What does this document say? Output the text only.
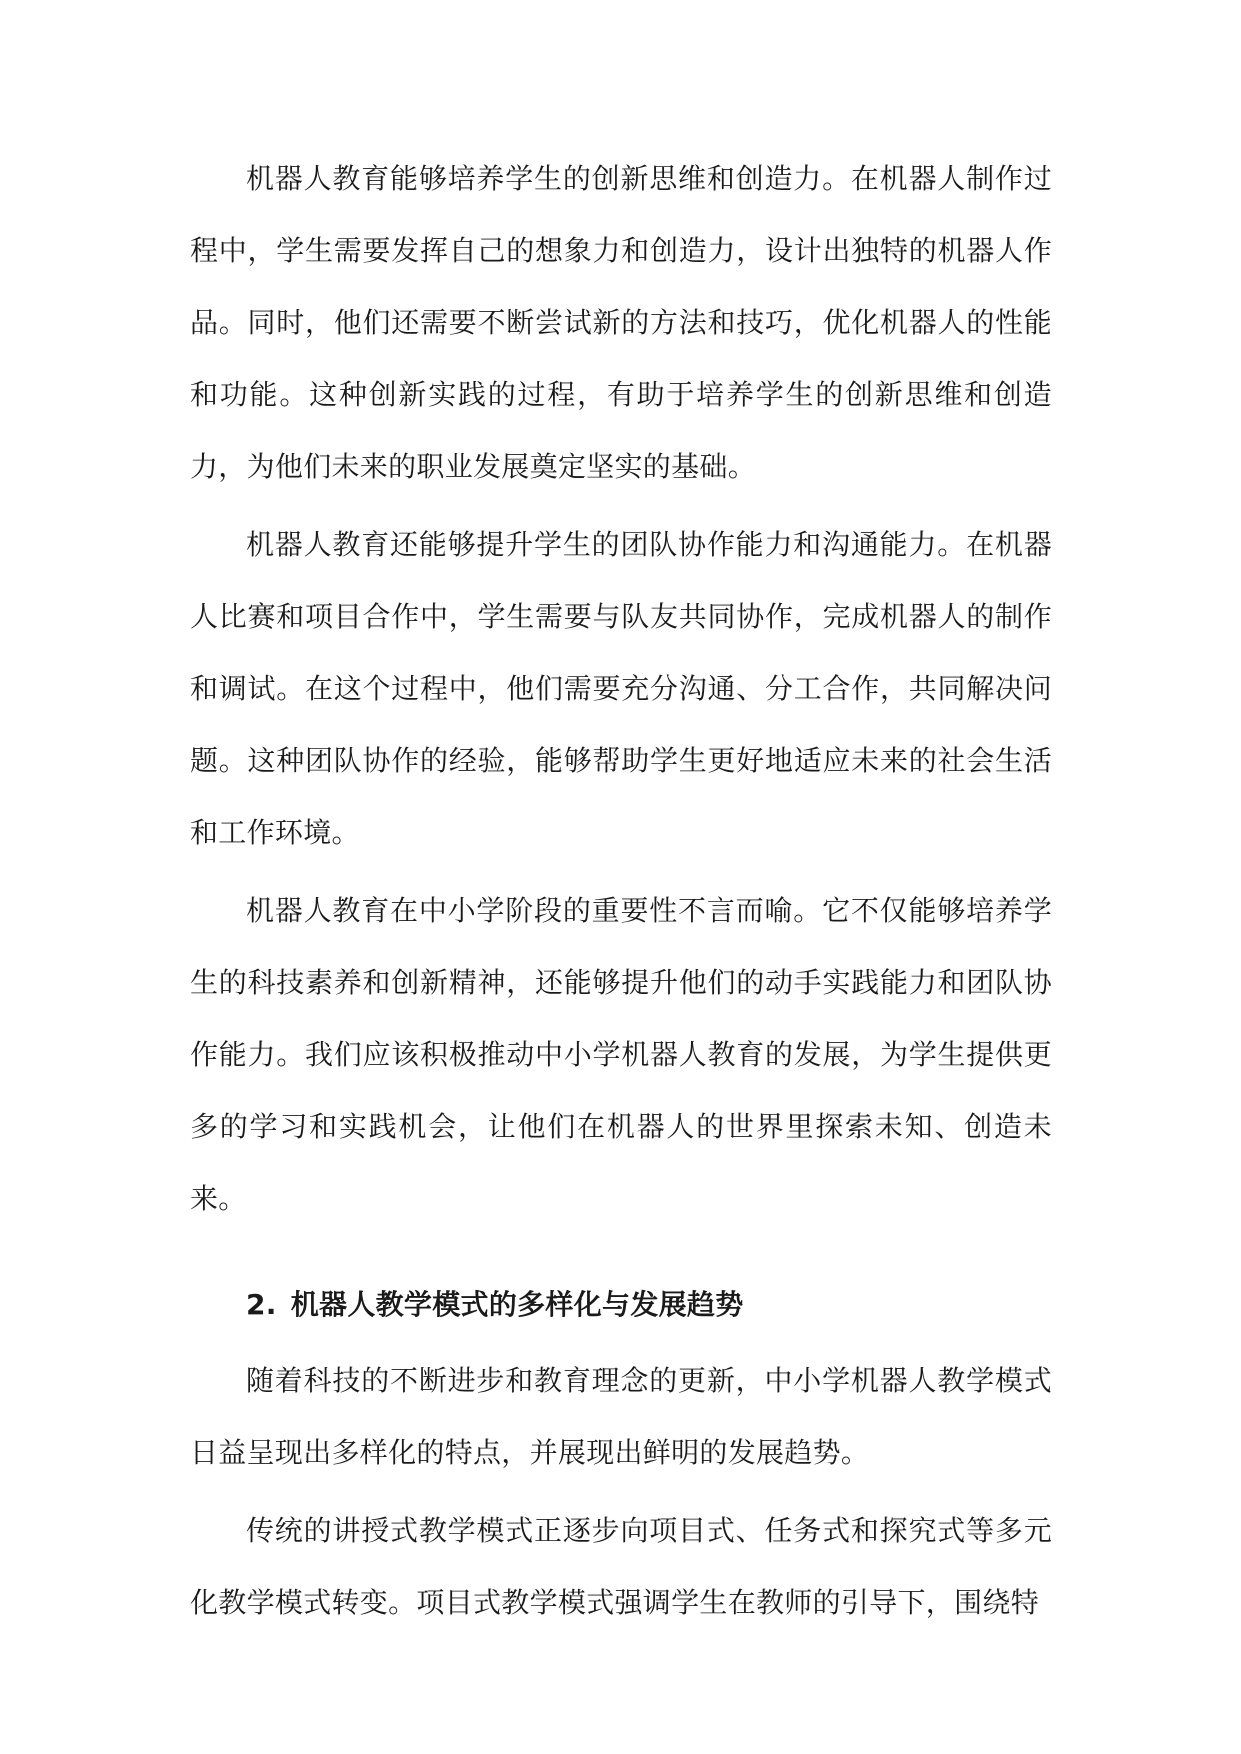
机器人教育能够培养学生的创新思维和创造力。在机器人制作过程中，学生需要发挥自己的想象力和创造力，设计出独特的机器人作品。同时，他们还需要不断尝试新的方法和技巧，优化机器人的性能和功能。这种创新实践的过程，有助于培养学生的创新思维和创造力，为他们未来的职业发展奠定坚实的基础。

机器人教育还能够提升学生的团队协作能力和沟通能力。在机器人比赛和项目合作中，学生需要与队友共同协作，完成机器人的制作和调试。在这个过程中，他们需要充分沟通、分工合作，共同解决问题。这种团队协作的经验，能够帮助学生更好地适应未来的社会生活和工作环境。

机器人教育在中小学阶段的重要性不言而喻。它不仅能够培养学生的科技素养和创新精神，还能够提升他们的动手实践能力和团队协作能力。我们应该积极推动中小学机器人教育的发展，为学生提供更多的学习和实践机会，让他们在机器人的世界里探索未知、创造未来。

2. 机器人教学模式的多样化与发展趋势

随着科技的不断进步和教育理念的更新，中小学机器人教学模式日益呈现出多样化的特点，并展现出鲜明的发展趋势。

传统的讲授式教学模式正逐步向项目式、任务式和探究式等多元化教学模式转变。项目式教学模式强调学生在教师的引导下，围绕特
